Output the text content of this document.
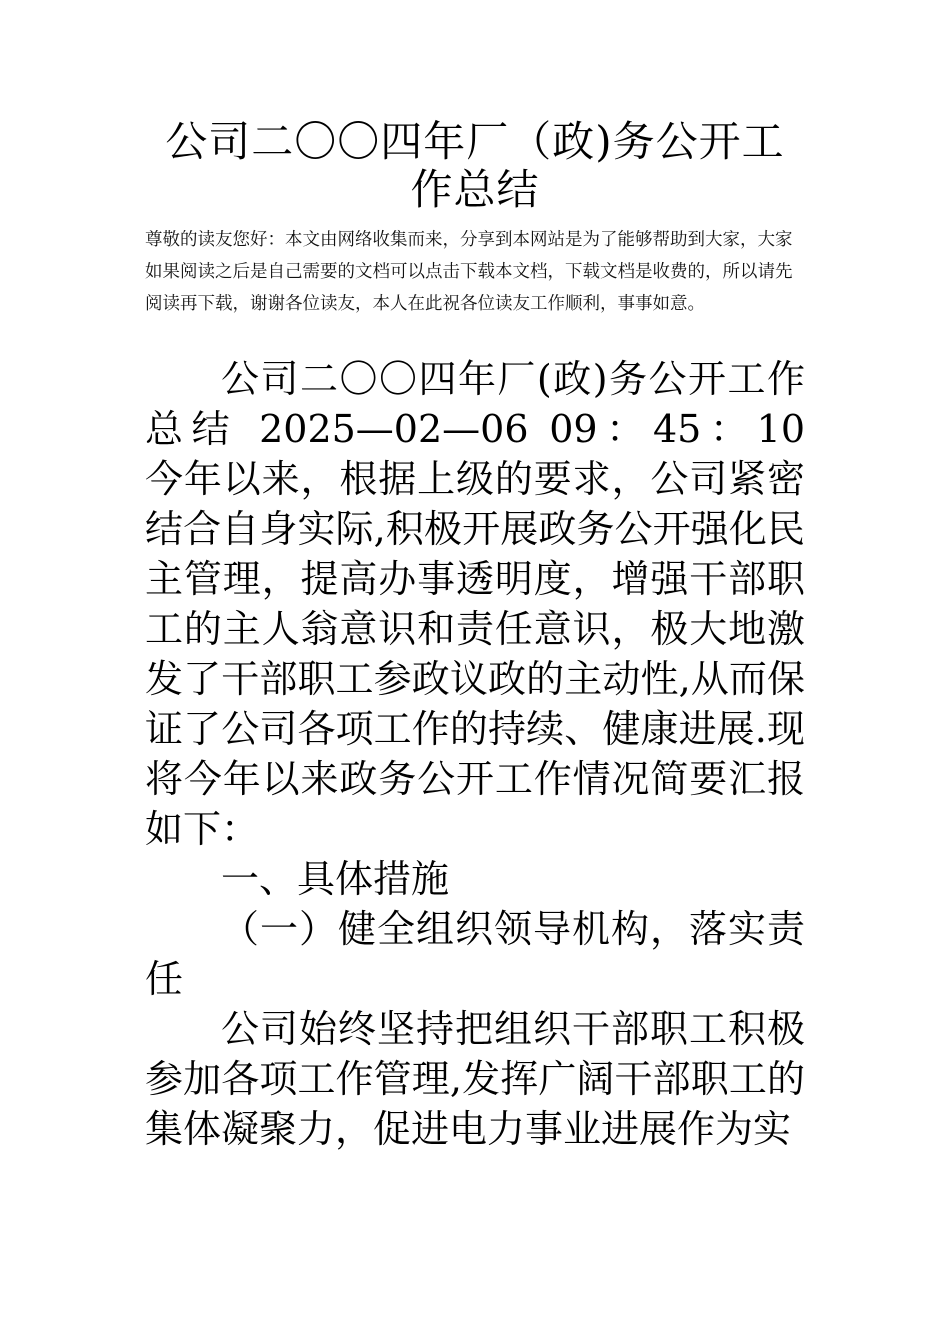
公司二〇〇四年厂（政)务公开工作总结
尊敬的读友您好：本文由网络收集而来，分享到本网站是为了能够帮助到大家，大家如果阅读之后是自己需要的文档可以点击下载本文档，下载文档是收费的，所以请先阅读再下载，谢谢各位读友，本人在此祝各位读友工作顺利，事事如意。

公司二〇〇四年厂(政)务公开工作总结 2025—02—06 09：45：10　　今年以来，根据上级的要求，公司紧密结合自身实际,积极开展政务公开强化民主管理，提高办事透明度，增强干部职工的主人翁意识和责任意识，极大地激发了干部职工参政议政的主动性,从而保证了公司各项工作的持续、健康进展.现将今年以来政务公开工作情况简要汇报如下：

一、具体措施

（一）健全组织领导机构，落实责任

公司始终坚持把组织干部职工积极参加各项工作管理,发挥广阔干部职工的集体凝聚力，促进电力事业进展作为实
